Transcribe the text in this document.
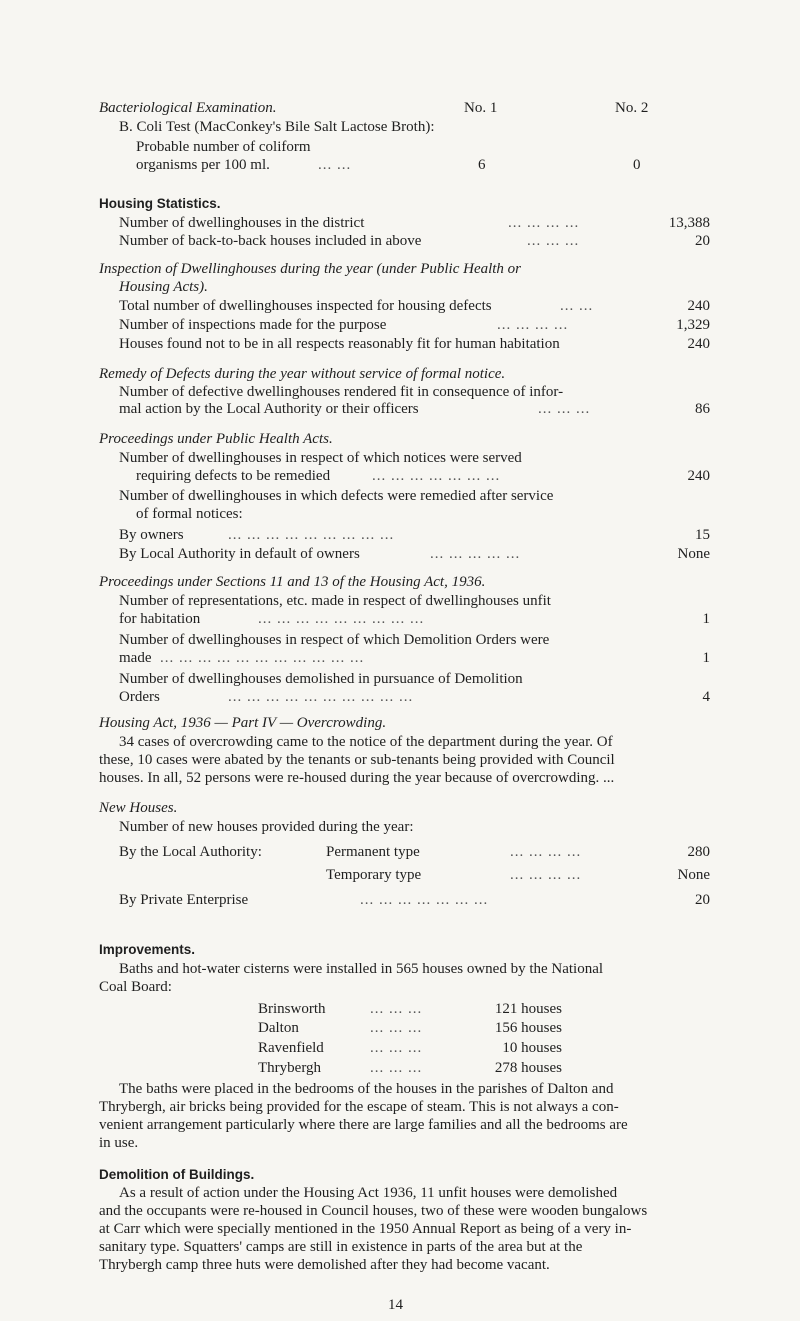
Bacteriological Examination.	No. 1	No. 2
B. Coli Test (MacConkey's Bile Salt Lactose Broth):
Probable number of coliform
organisms per 100 ml.	... ...	6	0
Housing Statistics.
Number of dwellinghouses in the district	... ... ... ...	13,388
Number of back-to-back houses included in above	... ... ...	20
Inspection of Dwellinghouses during the year (under Public Health or
Housing Acts).
Total number of dwellinghouses inspected for housing defects	... ...	240
Number of inspections made for the purpose	... ... ... ...	1,329
Houses found not to be in all respects reasonably fit for human habitation	240
Remedy of Defects during the year without service of formal notice.
Number of defective dwellinghouses rendered fit in consequence of infor-
mal action by the Local Authority or their officers	... ... ...	86
Proceedings under Public Health Acts.
Number of dwellinghouses in respect of which notices were served
requiring defects to be remedied	... ... ... ... ... ... ...	240
Number of dwellinghouses in which defects were remedied after service
of formal notices:
By owners	... ... ... ... ... ... ... ... ...	15
By Local Authority in default of owners	... ... ... ... ...	None
Proceedings under Sections 11 and 13 of the Housing Act, 1936.
Number of representations, etc. made in respect of dwellinghouses unfit
for habitation	... ... ... ... ... ... ... ... ...	1
Number of dwellinghouses in respect of which Demolition Orders were
made ... ... ... ... ... ... ... ... ... ... ...	1
Number of dwellinghouses demolished in pursuance of Demolition
Orders	... ... ... ... ... ... ... ... ... ...	4
Housing Act, 1936 — Part IV — Overcrowding.
34 cases of overcrowding came to the notice of the department during the year. Of
these, 10 cases were abated by the tenants or sub-tenants being provided with Council
houses. In all, 52 persons were re-housed during the year because of overcrowding. ...
New Houses.
Number of new houses provided during the year:
By the Local Authority:	Permanent type	... ... ... ...	280
Temporary type	... ... ... ...	None
By Private Enterprise	... ... ... ... ... ... ...	20
Improvements.
Baths and hot-water cisterns were installed in 565 houses owned by the National
Coal Board:
Brinsworth	... ... ...	121 houses
Dalton	... ... ...	156 houses
Ravenfield	... ... ...	10 houses
Thrybergh	... ... ...	278 houses
The baths were placed in the bedrooms of the houses in the parishes of Dalton and
Thrybergh, air bricks being provided for the escape of steam. This is not always a con-
venient arrangement particularly where there are large families and all the bedrooms are
in use.
Demolition of Buildings.
As a result of action under the Housing Act 1936, 11 unfit houses were demolished
and the occupants were re-housed in Council houses, two of these were wooden bungalows
at Carr which were specially mentioned in the 1950 Annual Report as being of a very in-
sanitary type. Squatters' camps are still in existence in parts of the area but at the
Thrybergh camp three huts were demolished after they had become vacant.
14
